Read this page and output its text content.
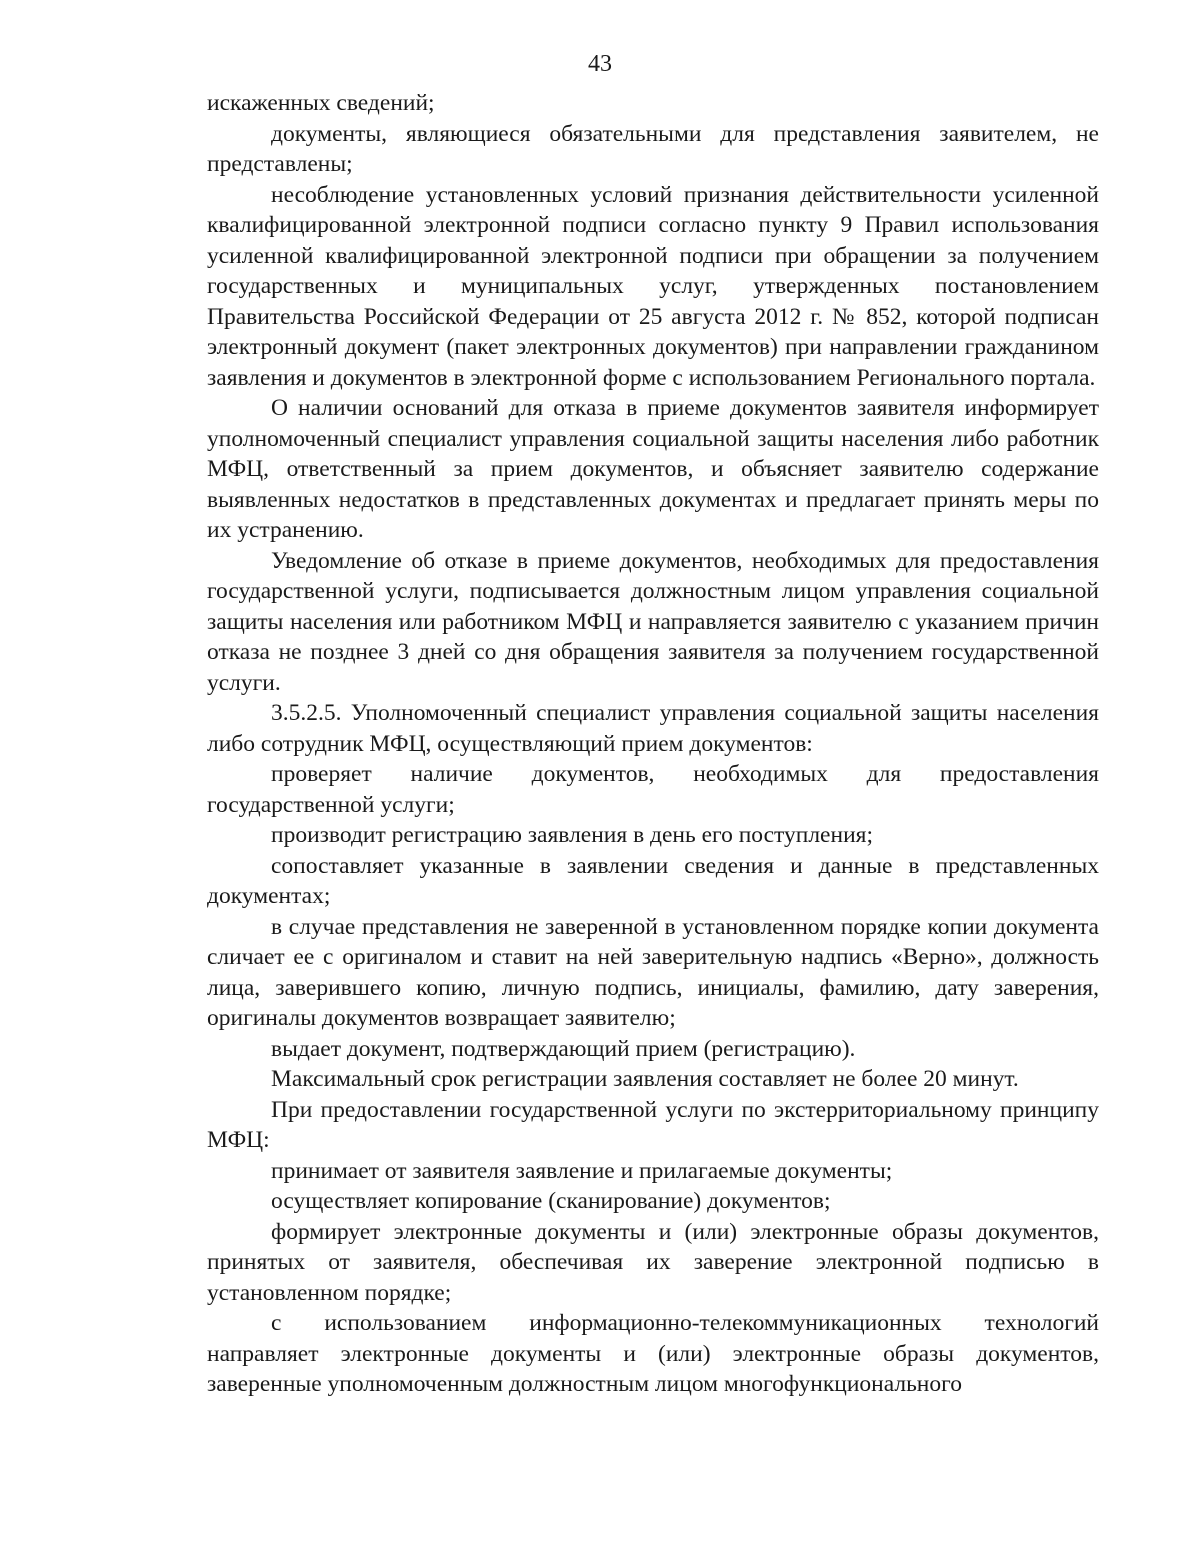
43

искаженных сведений;

документы, являющиеся обязательными для представления заявителем, не представлены;

несоблюдение установленных условий признания действительности усиленной квалифицированной электронной подписи согласно пункту 9 Правил использования усиленной квалифицированной электронной подписи при обращении за получением государственных и муниципальных услуг, утвержденных постановлением Правительства Российской Федерации от 25 августа 2012 г. № 852, которой подписан электронный документ (пакет электронных документов) при направлении гражданином заявления и документов в электронной форме с использованием Регионального портала.

О наличии оснований для отказа в приеме документов заявителя информирует уполномоченный специалист управления социальной защиты населения либо работник МФЦ, ответственный за прием документов, и объясняет заявителю содержание выявленных недостатков в представленных документах и предлагает принять меры по их устранению.

Уведомление об отказе в приеме документов, необходимых для предоставления государственной услуги, подписывается должностным лицом управления социальной защиты населения или работником МФЦ и направляется заявителю с указанием причин отказа не позднее 3 дней со дня обращения заявителя за получением государственной услуги.

3.5.2.5. Уполномоченный специалист управления социальной защиты населения либо сотрудник МФЦ, осуществляющий прием документов:

проверяет наличие документов, необходимых для предоставления государственной услуги;

производит регистрацию заявления в день его поступления;

сопоставляет указанные в заявлении сведения и данные в представленных документах;

в случае представления не заверенной в установленном порядке копии документа сличает ее с оригиналом и ставит на ней заверительную надпись «Верно», должность лица, заверившего копию, личную подпись, инициалы, фамилию, дату заверения, оригиналы документов возвращает заявителю;

выдает документ, подтверждающий прием (регистрацию).

Максимальный срок регистрации заявления составляет не более 20 минут.

При предоставлении государственной услуги по экстерриториальному принципу МФЦ:

принимает от заявителя заявление и прилагаемые документы;

осуществляет копирование (сканирование) документов;

формирует электронные документы и (или) электронные образы документов, принятых от заявителя, обеспечивая их заверение электронной подписью в установленном порядке;

с использованием информационно-телекоммуникационных технологий направляет электронные документы и (или) электронные образы документов, заверенные уполномоченным должностным лицом многофункционального
